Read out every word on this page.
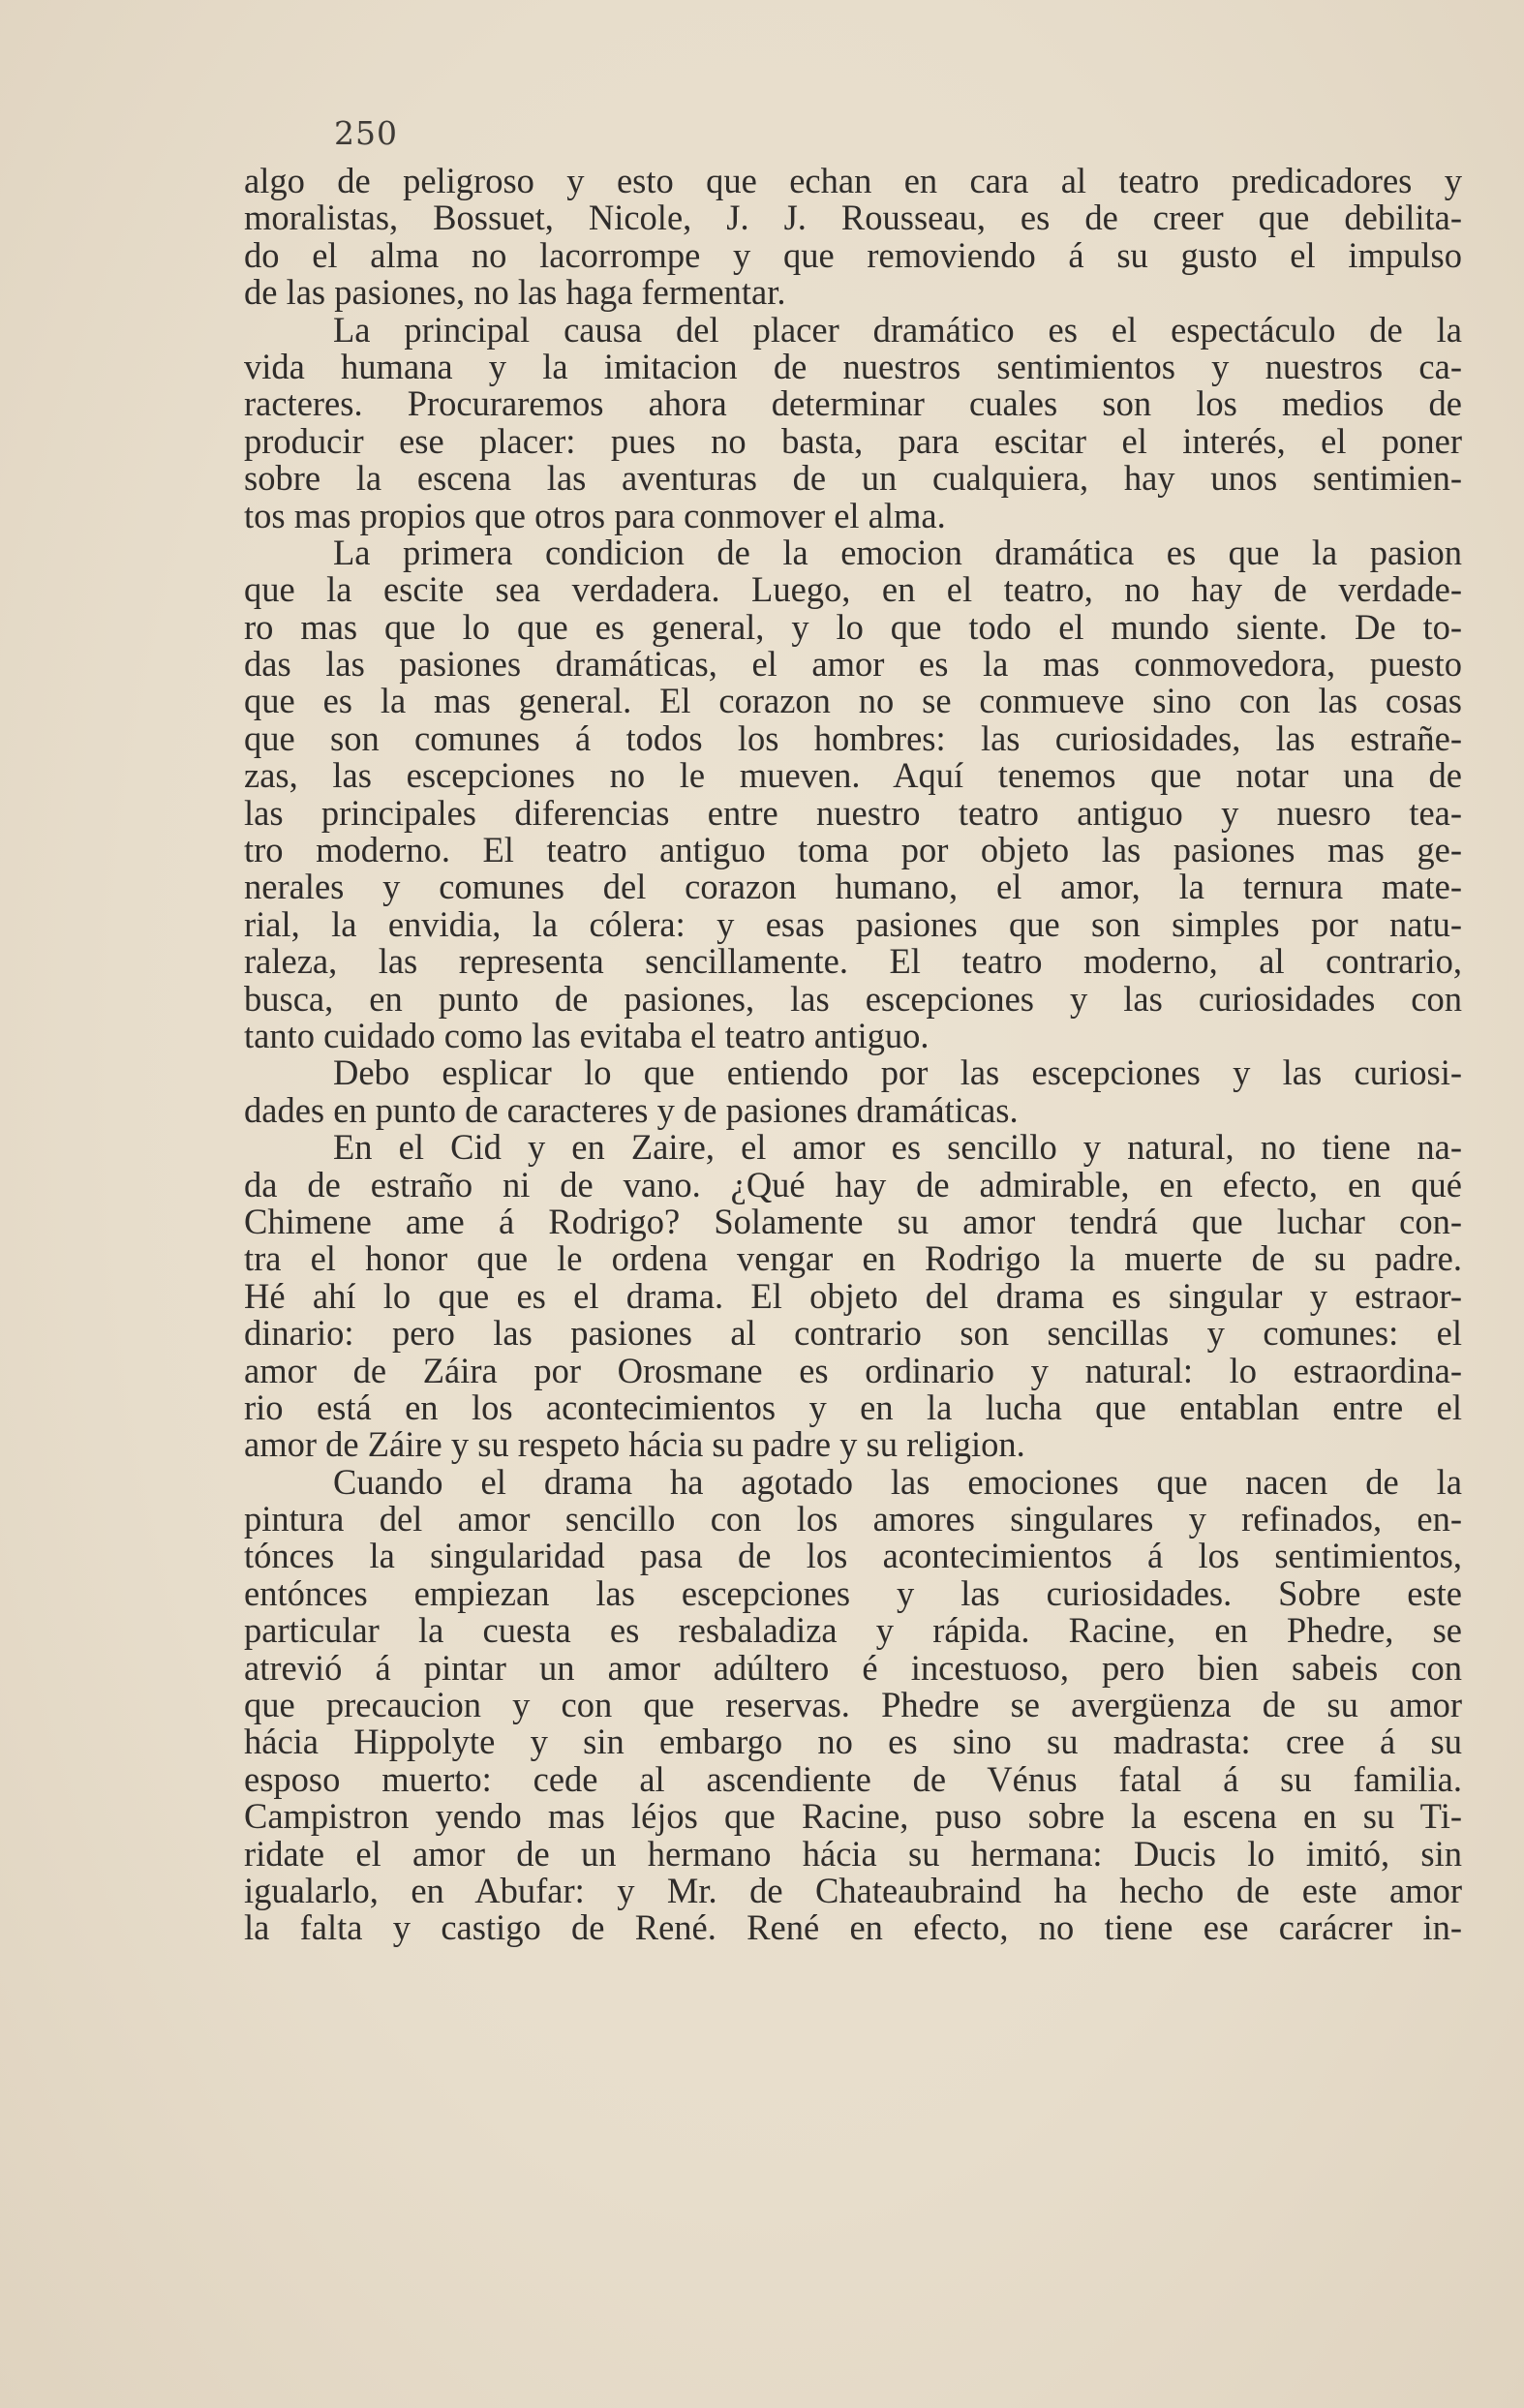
250
algo de peligroso y esto que echan en cara al teatro predicadores y
moralistas, Bossuet, Nicole, J. J. Rousseau, es de creer que debilita-
do el alma no lacorrompe y que removiendo á su gusto el impulso
de las pasiones, no las haga fermentar.
La principal causa del placer dramático es el espectáculo de la
vida humana y la imitacion de nuestros sentimientos y nuestros ca-
racteres. Procuraremos ahora determinar cuales son los medios de
producir ese placer: pues no basta, para escitar el interés, el poner
sobre la escena las aventuras de un cualquiera, hay unos sentimien-
tos mas propios que otros para conmover el alma.
La primera condicion de la emocion dramática es que la pasion
que la escite sea verdadera. Luego, en el teatro, no hay de verdade-
ro mas que lo que es general, y lo que todo el mundo siente. De to-
das las pasiones dramáticas, el amor es la mas conmovedora, puesto
que es la mas general. El corazon no se conmueve sino con las cosas
que son comunes á todos los hombres: las curiosidades, las estrañe-
zas, las escepciones no le mueven. Aquí tenemos que notar una de
las principales diferencias entre nuestro teatro antiguo y nuesro tea-
tro moderno. El teatro antiguo toma por objeto las pasiones mas ge-
nerales y comunes del corazon humano, el amor, la ternura mate-
rial, la envidia, la cólera: y esas pasiones que son simples por natu-
raleza, las representa sencillamente. El teatro moderno, al contrario,
busca, en punto de pasiones, las escepciones y las curiosidades con
tanto cuidado como las evitaba el teatro antiguo.
Debo esplicar lo que entiendo por las escepciones y las curiosi-
dades en punto de caracteres y de pasiones dramáticas.
En el Cid y en Zaire, el amor es sencillo y natural, no tiene na-
da de estraño ni de vano. ¿Qué hay de admirable, en efecto, en qué
Chimene ame á Rodrigo? Solamente su amor tendrá que luchar con-
tra el honor que le ordena vengar en Rodrigo la muerte de su padre.
Hé ahí lo que es el drama. El objeto del drama es singular y estraor-
dinario: pero las pasiones al contrario son sencillas y comunes: el
amor de Záira por Orosmane es ordinario y natural: lo estraordina-
rio está en los acontecimientos y en la lucha que entablan entre el
amor de Záire y su respeto hácia su padre y su religion.
Cuando el drama ha agotado las emociones que nacen de la
pintura del amor sencillo con los amores singulares y refinados, en-
tónces la singularidad pasa de los acontecimientos á los sentimientos,
entónces empiezan las escepciones y las curiosidades. Sobre este
particular la cuesta es resbaladiza y rápida. Racine, en Phedre, se
atrevió á pintar un amor adúltero é incestuoso, pero bien sabeis con
que precaucion y con que reservas. Phedre se avergüenza de su amor
hácia Hippolyte y sin embargo no es sino su madrasta: cree á su
esposo muerto: cede al ascendiente de Vénus fatal á su familia.
Campistron yendo mas léjos que Racine, puso sobre la escena en su Ti-
ridate el amor de un hermano hácia su hermana: Ducis lo imitó, sin
igualarlo, en Abufar: y Mr. de Chateaubraind ha hecho de este amor
la falta y castigo de René. René en efecto, no tiene ese carácrer in-
